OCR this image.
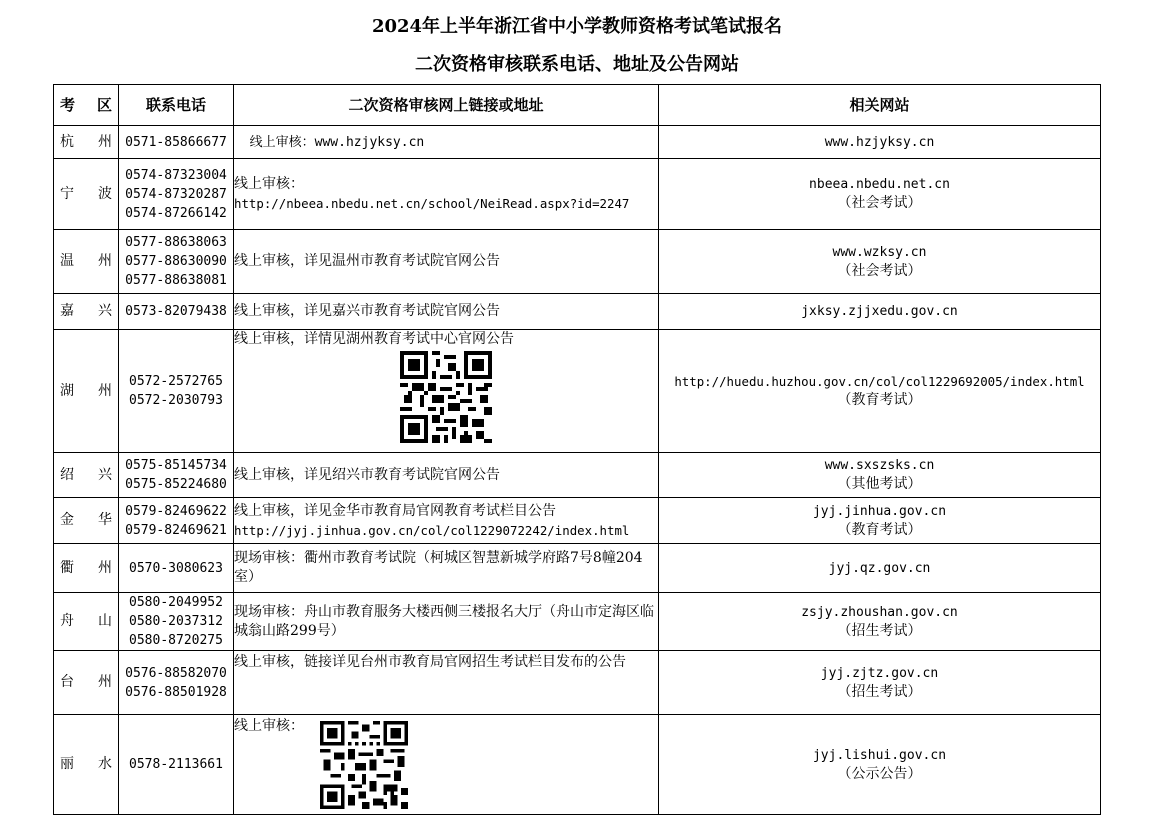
2024年上半年浙江省中小学教师资格考试笔试报名
二次资格审核联系电话、地址及公告网站
考 区	联系电话	二次资格审核网上链接或地址	相关网站

杭 州	0571-85866677	线上审核：www.hzjyksy.cn	www.hzjyksy.cn

宁 波	0574-87323004
0574-87320287
0574-87266142	线上审核：
http://nbeea.nbedu.net.cn/school/NeiRead.aspx?id=2247	nbeea.nbedu.net.cn
（社会考试）

温 州	0577-88638063
0577-88630090
0577-88638081	线上审核，详见温州市教育考试院官网公告	www.wzksy.cn
（社会考试）

嘉 兴	0573-82079438	线上审核，详见嘉兴市教育考试院官网公告	jxksy.zjjxedu.gov.cn

湖 州	0572-2572765
0572-2030793	线上审核，详情见湖州教育考试中心官网公告	http://huedu.huzhou.gov.cn/col/col1229692005/index.html
（教育考试）

绍 兴	0575-85145734
0575-85224680	线上审核，详见绍兴市教育考试院官网公告	www.sxszsks.cn
（其他考试）

金 华	0579-82469622
0579-82469621	线上审核，详见金华市教育局官网教育考试栏目公告
http://jyj.jinhua.gov.cn/col/col1229072242/index.html	jyj.jinhua.gov.cn
（教育考试）

衢 州	0570-3080623	现场审核：衢州市教育考试院（柯城区智慧新城学府路7号8幢204室）	jyj.qz.gov.cn

舟 山	0580-2049952
0580-2037312
0580-8720275	现场审核：舟山市教育服务大楼西侧三楼报名大厅（舟山市定海区临城翁山路299号）	zsjy.zhoushan.gov.cn
（招生考试）

台 州	0576-88582070
0576-88501928	线上审核，链接详见台州市教育局官网招生考试栏目发布的公告	jyj.zjtz.gov.cn
（招生考试）

丽 水	0578-2113661	线上审核：	jyj.lishui.gov.cn
（公示公告）
